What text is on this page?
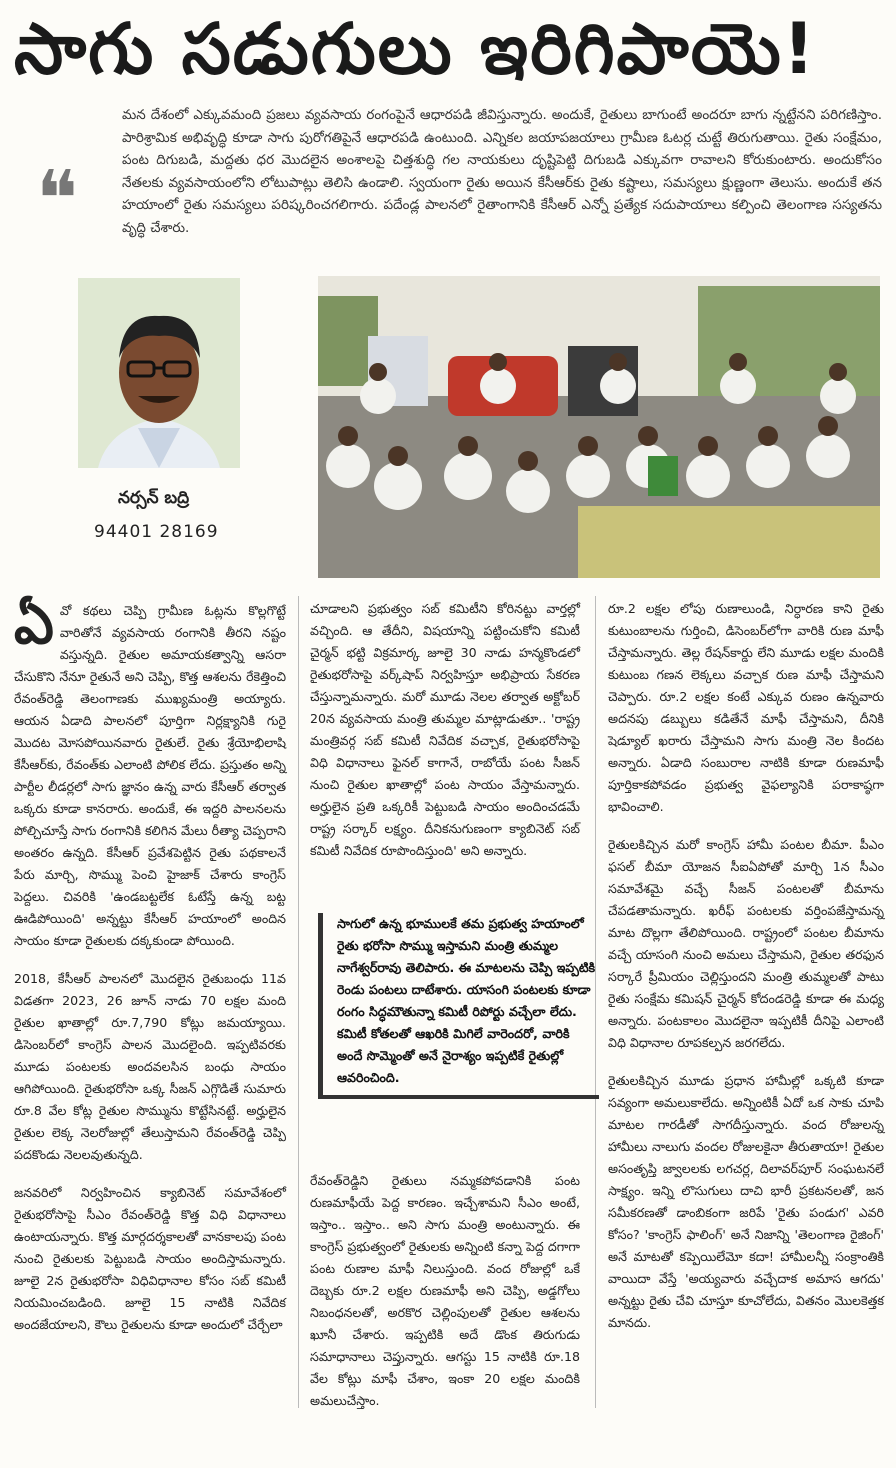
సాగు సడుగులు ఇరిగిపాయె!
❝
మన దేశంలో ఎక్కువమంది ప్రజలు వ్యవసాయ రంగంపైనే ఆధారపడి జీవిస్తున్నారు. అందుకే, రైతులు బాగుంటే అందరూ బాగు న్నట్టేనని పరిగణిస్తాం. పారిశ్రామిక అభివృద్ధి కూడా సాగు పురోగతిపైనే ఆధారపడి ఉంటుంది. ఎన్నికల జయాపజయాలు గ్రామీణ ఓటర్ల చుట్టే తిరుగుతాయి. రైతు సంక్షేమం, పంట దిగుబడి, మద్దతు ధర మొదలైన అంశాలపై చిత్తశుద్ధి గల నాయకులు దృష్టిపెట్టి దిగుబడి ఎక్కువగా రావాలని కోరుకుంటారు. అందుకోసం నేతలకు వ్యవసాయంలోని లోటుపాట్లు తెలిసి ఉండాలి. స్వయంగా రైతు అయిన కేసీఆర్‌కు రైతు కష్టాలు, సమస్యలు క్షుణ్ణంగా తెలుసు. అందుకే తన హయాంలో రైతు సమస్యలు పరిష్కరించగలిగారు. పదేండ్ల పాలనలో రైతాంగానికి కేసీఆర్ ఎన్నో ప్రత్యేక సదుపాయాలు కల్పించి తెలంగాణ సస్యతను వృద్ధి చేశారు.
నర్సన్ బద్రి
94401 28169

ఏవో కథలు చెప్పి గ్రామీణ ఓట్లను కొల్లగొట్టే వారితోనే వ్యవసాయ రంగానికి తీరని నష్టం వస్తున్నది. రైతుల అమాయకత్వాన్ని ఆసరా చేసుకొని నేనూ రైతునే అని చెప్పి, కొత్త ఆశలను రేకెత్తించి రేవంత్‌రెడ్డి తెలంగాణకు ముఖ్యమంత్రి అయ్యారు. ఆయన ఏడాది పాలనలో పూర్తిగా నిర్లక్ష్యానికి గురై మొదట మోసపోయినవారు రైతులే. రైతు శ్రేయోభిలాషి కేసీఆర్‌కు, రేవంత్‌కు ఎలాంటి పోలిక లేదు. ప్రస్తుతం అన్ని పార్టీల లీడర్లలో సాగు జ్ఞానం ఉన్న వారు కేసీఆర్ తర్వాత ఒక్కరు కూడా కానరారు. అందుకే, ఈ ఇద్దరి పాలనలను పోల్చిచూస్తే సాగు రంగానికి కలిగిన మేలు రీత్యా చెప్పరాని అంతరం ఉన్నది. కేసీఆర్ ప్రవేశపెట్టిన రైతు పథకాలనే పేరు మార్చి, సొమ్ము పెంచి హైజాక్ చేశారు కాంగ్రెస్ పెద్దలు. చివరికి 'ఉండబట్టలేక ఓటేస్తే ఉన్న బట్ట ఊడిపోయింది' అన్నట్టు కేసీఆర్ హయాంలో అందిన సాయం కూడా రైతులకు దక్కకుండా పోయింది.

2018, కేసీఆర్ పాలనలో మొదలైన రైతుబంధు 11వ విడతగా 2023, 26 జూన్ నాడు 70 లక్షల మంది రైతుల ఖాతాల్లో రూ.7,790 కోట్లు జమయ్యాయి. డిసెంబర్‌లో కాంగ్రెస్ పాలన మొదలైంది. ఇప్పటివరకు మూడు పంటలకు అందవలసిన బంధు సాయం ఆగిపోయింది. రైతుభరోసా ఒక్క సీజన్ ఎగ్గొడితే సుమారు రూ.8 వేల కోట్ల రైతుల సొమ్మును కొట్టేసినట్టే. అర్హులైన రైతుల లెక్క నెలరోజుల్లో తేలుస్తామని రేవంత్‌రెడ్డి చెప్పి పదకొండు నెలలవుతున్నది.

జనవరిలో నిర్వహించిన క్యాబినెట్ సమావేశంలో రైతుభరోసాపై సీఎం రేవంత్‌రెడ్డి కొత్త విధి విధానాలు ఉంటాయన్నారు. కొత్త మార్గదర్శకాలతో వానకాలపు పంట నుంచి రైతులకు పెట్టుబడి సాయం అందిస్తామన్నారు. జూలై 2న రైతుభరోసా విధివిధానాల కోసం సబ్ కమిటీ నియమించబడింది. జూలై 15 నాటికి నివేదిక అందజేయాలని, కౌలు రైతులను కూడా అందులో చేర్చేలా

చూడాలని ప్రభుత్వం సబ్ కమిటీని కోరినట్టు వార్తల్లో వచ్చింది. ఆ తేదీని, విషయాన్ని పట్టించుకోని కమిటీ చైర్మన్ భట్టి విక్రమార్క జూలై 30 నాడు హన్మకొండలో రైతుభరోసాపై వర్క్‌షాప్ నిర్వహిస్తూ అభిప్రాయ సేకరణ చేస్తున్నామన్నారు. మరో మూడు నెలల తర్వాత అక్టోబర్ 20న వ్యవసాయ మంత్రి తుమ్మల మాట్లాడుతూ.. 'రాష్ట్ర మంత్రివర్గ సబ్ కమిటీ నివేదిక వచ్చాక, రైతుభరోసాపై విధి విధానాలు ఫైనల్ కాగానే, రాబోయే పంట సీజన్ నుంచి రైతుల ఖాతాల్లో పంట సాయం వేస్తామన్నారు. అర్హులైన ప్రతి ఒక్కరికీ పెట్టుబడి సాయం అందించడమే రాష్ట్ర సర్కార్ లక్ష్యం. దీనికనుగుణంగా క్యాబినెట్ సబ్ కమిటీ నివేదిక రూపొందిస్తుంది' అని అన్నారు.

సాగులో ఉన్న భూములకే తమ ప్రభుత్వ హయాంలో రైతు భరోసా సొమ్ము ఇస్తామని మంత్రి తుమ్మల నాగేశ్వర్‌రావు తెలిపారు. ఈ మాటలను చెప్పి ఇప్పటికి రెండు పంటలు దాటేశారు. యాసంగి పంటలకు కూడా రంగం సిద్ధమౌతున్నా కమిటీ రిపోర్టు వచ్చేలా లేదు. కమిటీ కోతలతో ఆఖరికి మిగిలే వారెందరో, వారికి అందే సొమ్మెంతో అనే నైరాశ్యం ఇప్పటికే రైతుల్లో ఆవరించింది.

రేవంత్‌రెడ్డిని రైతులు నమ్మకపోవడానికి పంట రుణమాఫీయే పెద్ద కారణం. ఇచ్చేశామని సీఎం అంటే, ఇస్తాం.. ఇస్తాం.. అని సాగు మంత్రి అంటున్నారు. ఈ కాంగ్రెస్ ప్రభుత్వంలో రైతులకు అన్నింటి కన్నా పెద్ద దగాగా పంట రుణాల మాఫీ నిలుస్తుంది. వంద రోజుల్లో ఒకే దెబ్బకు రూ.2 లక్షల రుణమాఫీ అని చెప్పి, అడ్డగోలు నిబంధనలతో, అరకొర చెల్లింపులతో రైతుల ఆశలను ఖూనీ చేశారు. ఇప్పటికి అదే డొంక తిరుగుడు సమాధానాలు చెప్తున్నారు. ఆగస్టు 15 నాటికి రూ.18 వేల కోట్లు మాఫీ చేశాం, ఇంకా 20 లక్షల మందికి అమలుచేస్తాం.

రూ.2 లక్షల లోపు రుణాలుండి, నిర్ధారణ కాని రైతు కుటుంబాలను గుర్తించి, డిసెంబర్‌లోగా వారికి రుణ మాఫీ చేస్తామన్నారు. తెల్ల రేషన్‌కార్డు లేని మూడు లక్షల మందికి కుటుంబ గణన లెక్కలు వచ్చాక రుణ మాఫీ చేస్తామని చెప్పారు. రూ.2 లక్షల కంటే ఎక్కువ రుణం ఉన్నవారు అదనపు డబ్బులు కడితేనే మాఫీ చేస్తామని, దీనికి షెడ్యూల్ ఖరారు చేస్తామని సాగు మంత్రి నెల కిందట అన్నారు. ఏడాది సంబురాల నాటికి కూడా రుణమాఫీ పూర్తికాకపోవడం ప్రభుత్వ వైఫల్యానికి పరాకాష్ఠగా భావించాలి.

రైతులకిచ్చిన మరో కాంగ్రెస్ హామీ పంటల బీమా. పీఎం ఫసల్ బీమా యోజన సీఐఏపోతో మార్చి 1న సీఎం సమావేశమై వచ్చే సీజన్ పంటలతో బీమాను చేపడతామన్నారు. ఖరీఫ్ పంటలకు వర్తింపజేస్తామన్న మాట దొల్లగా తేలిపోయింది. రాష్ట్రంలో పంటల బీమాను వచ్చే యాసంగి నుంచి అమలు చేస్తామని, రైతుల తరఫున సర్కారే ప్రీమియం చెల్లిస్తుందని మంత్రి తుమ్మలతో పాటు రైతు సంక్షేమ కమిషన్ చైర్మన్ కోదండరెడ్డి కూడా ఈ మధ్య అన్నారు. పంటకాలం మొదలైనా ఇప్పటికీ దీనిపై ఎలాంటి విధి విధానాల రూపకల్పన జరగలేదు.

రైతులకిచ్చిన మూడు ప్రధాన హామీల్లో ఒక్కటి కూడా సవ్యంగా అమలుకాలేదు. అన్నింటికీ ఏదో ఒక సాకు చూపి మాటల గారడీతో సాగదీస్తున్నారు. వంద రోజులన్న హామీలు నాలుగు వందల రోజులకైనా తీరుతాయా! రైతుల అసంతృప్తి జ్వాలలకు లగచర్ల, దిలావర్‌పూర్ సంఘటనలే సాక్ష్యం. ఇన్ని లొసుగులు దాచి భారీ ప్రకటనలతో, జన సమీకరణతో డాంబికంగా జరిపే 'రైతు పండుగ' ఎవరి కోసం? 'కాంగ్రెస్ ఫాలింగ్' అనే నిజాన్ని 'తెలంగాణ రైజింగ్' అనే మాటతో కప్పెయిలేమో కదా! హామీలన్నీ సంక్రాంతికి వాయిదా వేస్తే 'అయ్యవారు వచ్చేదాక అమాస ఆగదు' అన్నట్టు రైతు చేవి చూస్తూ కూచోలేదు, వితనం మొలకెత్తక మానదు.
